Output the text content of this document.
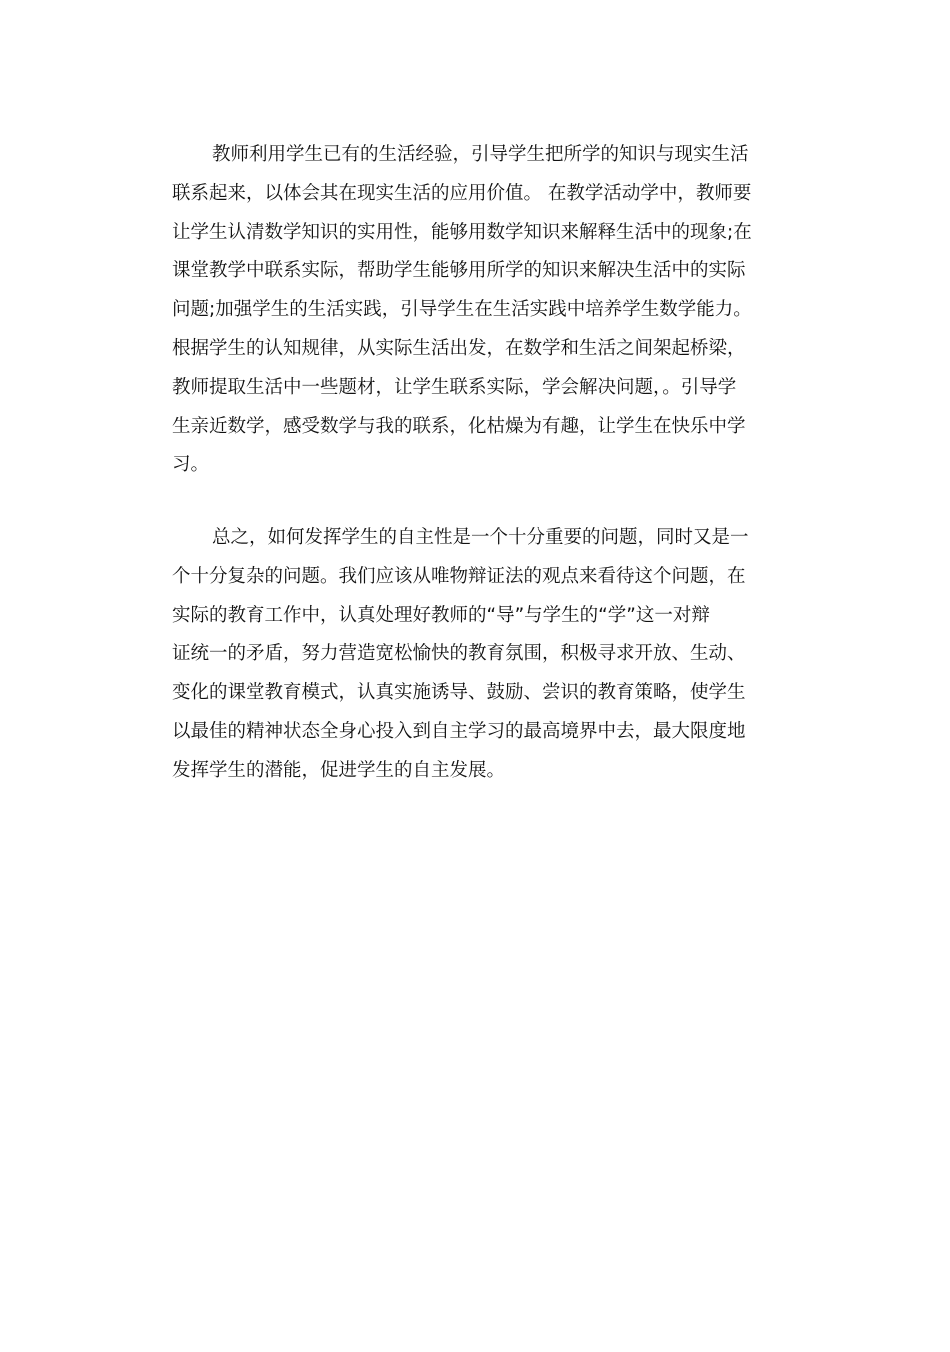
教师利用学生已有的生活经验，引导学生把所学的知识与现实生活
联系起来，以体会其在现实生活的应用价值。 在教学活动学中，教师要
让学生认清数学知识的实用性，能够用数学知识来解释生活中的现象;在
课堂教学中联系实际，帮助学生能够用所学的知识来解决生活中的实际
问题;加强学生的生活实践，引导学生在生活实践中培养学生数学能力。
根据学生的认知规律，从实际生活出发，在数学和生活之间架起桥梁，
教师提取生活中一些题材，让学生联系实际，学会解决问题，。引导学
生亲近数学，感受数学与我的联系，化枯燥为有趣，让学生在快乐中学
习。
总之，如何发挥学生的自主性是一个十分重要的问题，同时又是一
个十分复杂的问题。我们应该从唯物辩证法的观点来看待这个问题，在
实际的教育工作中，认真处理好教师的“导”与学生的“学”这一对辩
证统一的矛盾，努力营造宽松愉快的教育氛围，积极寻求开放、生动、
变化的课堂教育模式，认真实施诱导、鼓励、尝识的教育策略，使学生
以最佳的精神状态全身心投入到自主学习的最高境界中去，最大限度地
发挥学生的潜能，促进学生的自主发展。
